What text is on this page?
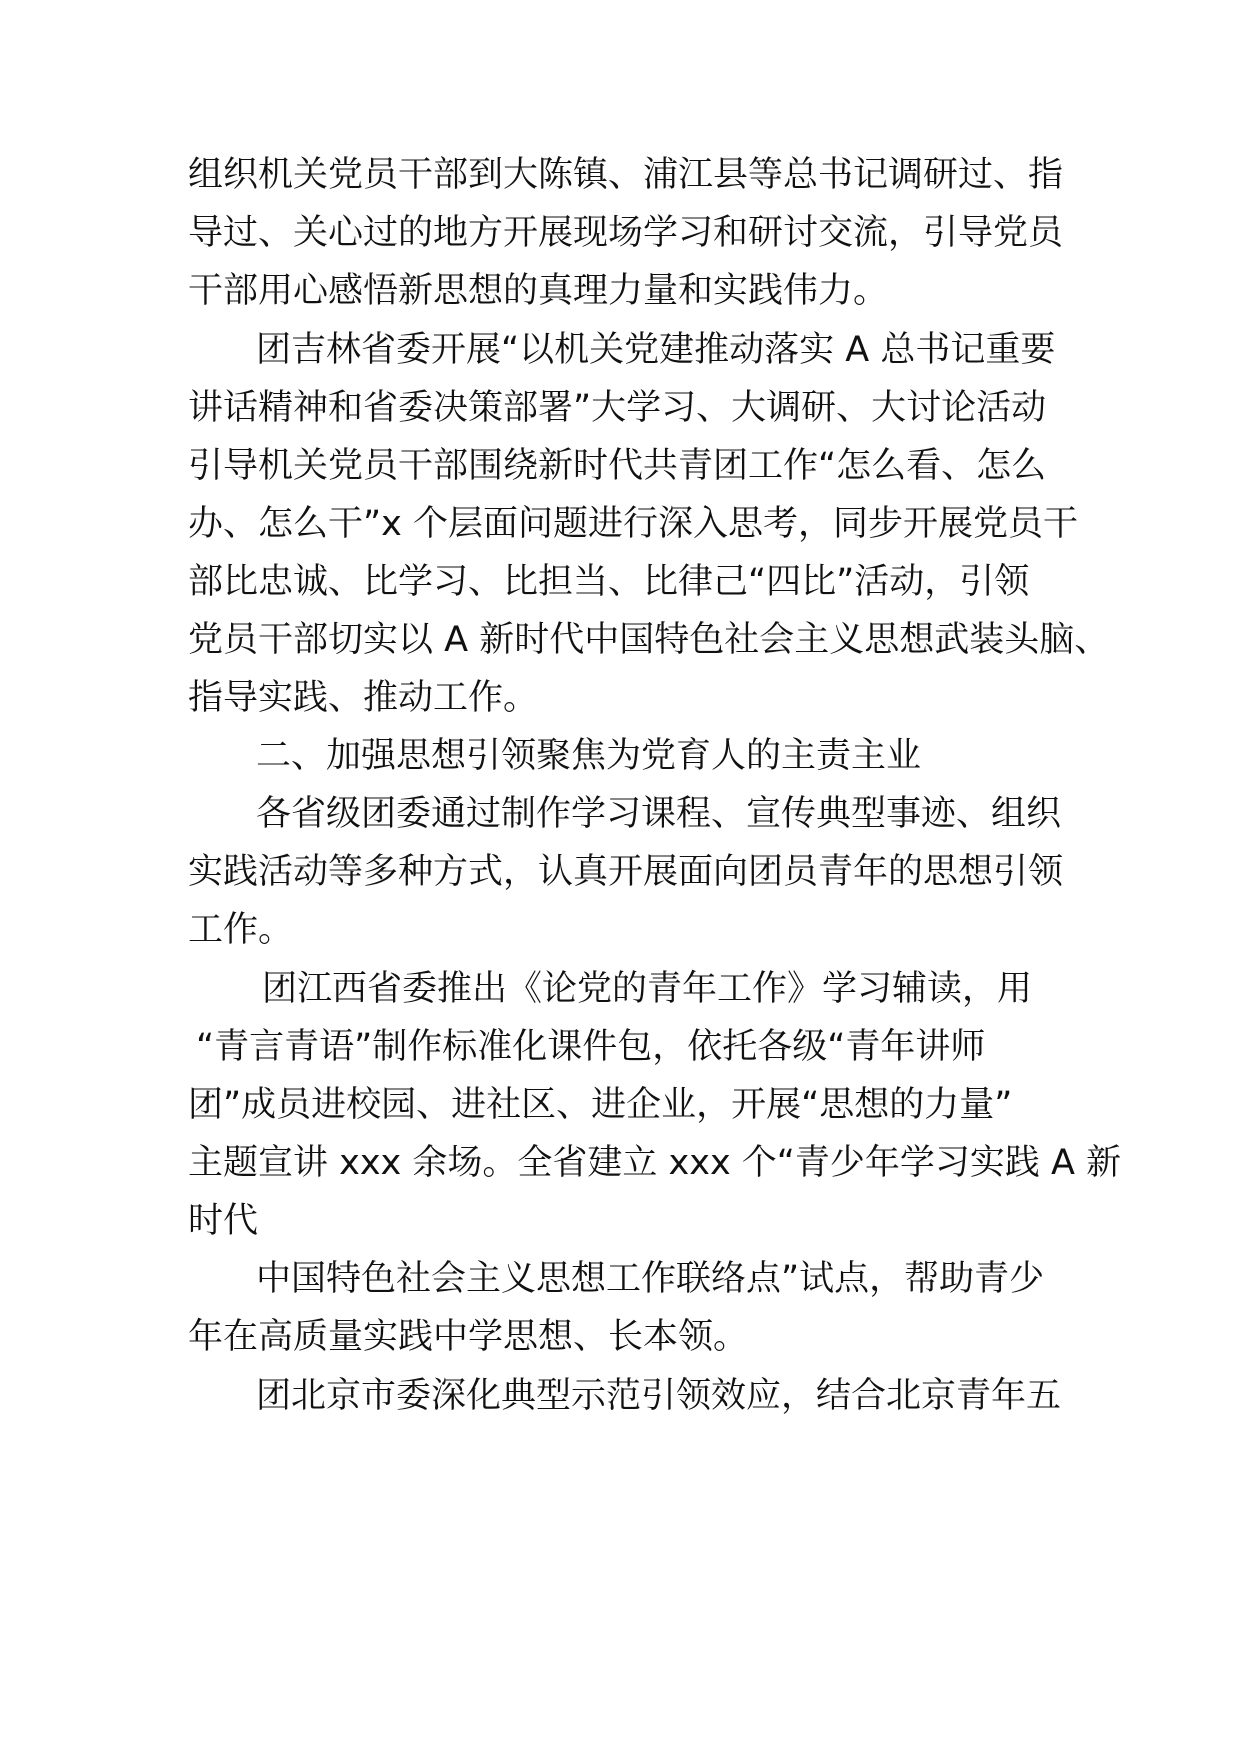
组织机关党员干部到大陈镇、浦江县等总书记调研过、指
导过、关心过的地方开展现场学习和研讨交流，引导党员
干部用心感悟新思想的真理力量和实践伟力。
团吉林省委开展“以机关党建推动落实 A 总书记重要
讲话精神和省委决策部署”大学习、大调研、大讨论活动
引导机关党员干部围绕新时代共青团工作“怎么看、怎么
办、怎么干”x 个层面问题进行深入思考，同步开展党员干
部比忠诚、比学习、比担当、比律己“四比”活动，引领
党员干部切实以 A 新时代中国特色社会主义思想武装头脑、
指导实践、推动工作。
二、加强思想引领聚焦为党育人的主责主业
各省级团委通过制作学习课程、宣传典型事迹、组织
实践活动等多种方式，认真开展面向团员青年的思想引领
工作。
团江西省委推出《论党的青年工作》学习辅读，用
“青言青语”制作标准化课件包，依托各级“青年讲师
团”成员进校园、进社区、进企业，开展“思想的力量”
主题宣讲 xxx 余场。全省建立 xxx 个“青少年学习实践 A 新
时代
中国特色社会主义思想工作联络点”试点，帮助青少
年在高质量实践中学思想、长本领。
团北京市委深化典型示范引领效应，结合北京青年五
